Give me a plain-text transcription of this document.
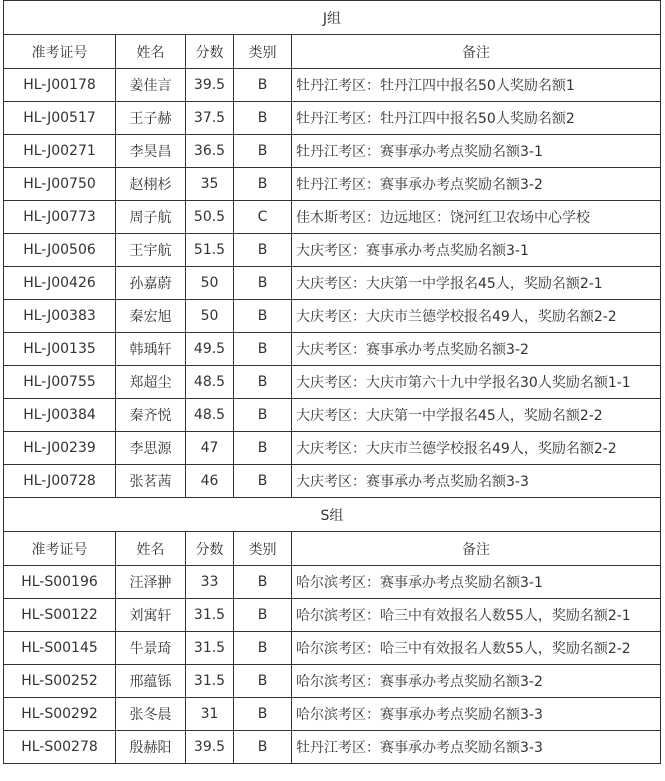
J组				
准考证号	姓名	分数	类别	备注
HL-J00178	姜佳言	39.5	B	牡丹江考区：牡丹江四中报名50人奖励名额1
HL-J00517	王子赫	37.5	B	牡丹江考区：牡丹江四中报名50人奖励名额2
HL-J00271	李昊昌	36.5	B	牡丹江考区：赛事承办考点奖励名额3-1
HL-J00750	赵栩杉	35	B	牡丹江考区：赛事承办考点奖励名额3-2
HL-J00773	周子航	50.5	C	佳木斯考区：边远地区：饶河红卫农场中心学校
HL-J00506	王宇航	51.5	B	大庆考区：赛事承办考点奖励名额3-1
HL-J00426	孙嘉蔚	50	B	大庆考区：大庆第一中学报名45人，奖励名额2-1
HL-J00383	秦宏旭	50	B	大庆考区：大庆市兰德学校报名49人，奖励名额2-2
HL-J00135	韩瑀轩	49.5	B	大庆考区：赛事承办考点奖励名额3-2
HL-J00755	郑超尘	48.5	B	大庆考区：大庆市第六十九中学报名30人奖励名额1-1
HL-J00384	秦齐悦	48.5	B	大庆考区：大庆第一中学报名45人，奖励名额2-2
HL-J00239	李思源	47	B	大庆考区：大庆市兰德学校报名49人，奖励名额2-2
HL-J00728	张茗茜	46	B	大庆考区：赛事承办考点奖励名额3-3
S组				
准考证号	姓名	分数	类别	备注
HL-S00196	汪泽翀	33	B	哈尔滨考区：赛事承办考点奖励名额3-1
HL-S00122	刘寓轩	31.5	B	哈尔滨考区：哈三中有效报名人数55人，奖励名额2-1
HL-S00145	牛景琦	31.5	B	哈尔滨考区：哈三中有效报名人数55人，奖励名额2-2
HL-S00252	邢蕴铄	31.5	B	哈尔滨考区：赛事承办考点奖励名额3-2
HL-S00292	张冬晨	31	B	哈尔滨考区：赛事承办考点奖励名额3-3
HL-S00278	殷赫阳	39.5	B	牡丹江考区：赛事承办考点奖励名额3-3
